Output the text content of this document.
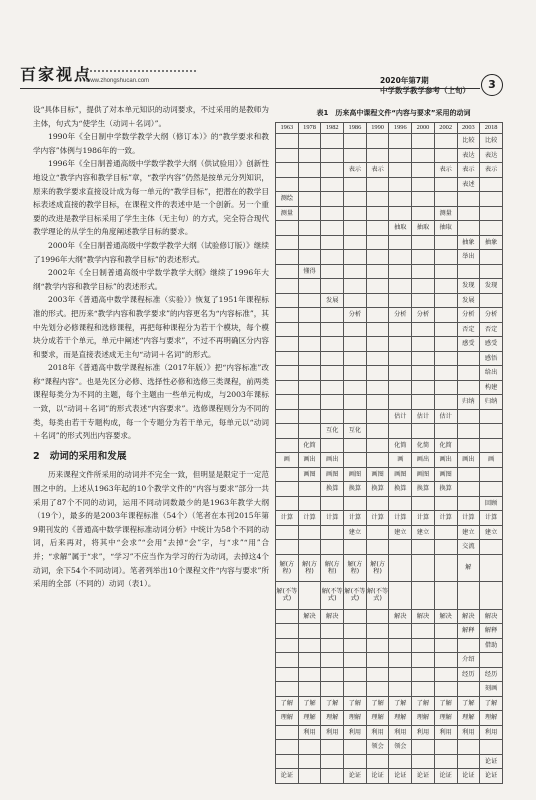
百家视点
www.zhongshucan.com	2020年第7期
中学数学教学参考（上旬）	3

设“具体目标”，提供了对本单元知识的动词要求，不过采用的是教师为主体，句式为“使学生（动词＋名词）”。

1990年《全日制中学数学教学大纲（修订本）》的“教学要求和教学内容”体例与1986年的一致。

1996年《全日制普通高级中学数学教学大纲（供试验用）》创新性地设立“教学内容和教学目标”章，“教学内容”仍然是按单元分列知识，原来的教学要求直接设计成为每一单元的“教学目标”，把潜在的教学目标表述成直接的教学目标，在课程文件的表述中是一个创新。另一个重要的改进是教学目标采用了学生主体（无主句）的方式，完全符合现代教学理论的从学生的角度阐述教学目标的要求。

2000年《全日制普通高级中学数学教学大纲（试验修订版）》继续了1996年大纲“教学内容和教学目标”的表述形式。

2002年《全日制普通高级中学数学教学大纲》继续了1996年大纲“教学内容和教学目标”的表述形式。

2003年《普通高中数学课程标准（实验）》恢复了1951年课程标准的形式。把历来“教学内容和教学要求”的内容更名为“内容标准”，其中先划分必修课程和选修课程，再把每种课程分为若干个模块，每个模块分成若干个单元，单元中阐述“内容与要求”，不过不再明确区分内容和要求，而是直接表述成无主句“动词＋名词”的形式。

2018年《普通高中数学课程标准（2017年版）》把“内容标准”改称“课程内容”。也是先区分必修、选择性必修和选修三类课程，前两类课程每类分为不同的主题，每个主题由一些单元构成，与2003年课标一致，以“动词＋名词”的形式表述“内容要求”。选修课程则分为不同的类，每类由若干专题构成，每一个专题分为若干单元，每单元以“动词＋名词”的形式列出内容要求。

2 动词的采用和发展

历来课程文件所采用的动词并不完全一致，但明显是限定于一定范围之中的。上述从1963年起的10个教学文件的“内容与要求”部分一共采用了87个不同的动词，运用不同动词数最少的是1963年教学大纲（19个），最多的是2003年课程标准（54个）（笔者在本刊2015年第9期刊发的《普通高中数学课程标准动词分析》中统计为58个不同的动词，后来再对，将其中“会求”“会用”去掉“会”字，与“求”“用”合并；“求解”属于“求”，“学习”不应当作为学习的行为动词，去掉这4个动词，余下54个不同动词）。笔者列举出10个课程文件“内容与要求”所采用的全部（不同的）动词（表1）。

表1　历来高中课程文件“内容与要求”采用的动词
1963	1978	1982	1986	1990	1996	2000	2002	2003	2018
								比较	比较
								表达	表达
			表示	表示			表示	表示	表示
								表述	
测绘									
测量							测量		
					抽取	抽取	抽取		
								抽象	抽象
								举出	
	懂得								
								发现	发现
		发展						发展	
			分析		分析	分析		分析	分析
								否定	否定
								感受	感受
									感悟
									给出
									构建
								归纳	归纳
					估计	估计	估计		
		互化	互化						
	化简				化简	化简	化简		
画	画出	画出			画	画出	画出	画出	画
	画图	画图	画图	画图	画图	画图	画图		
		换算	换算	换算	换算	换算	换算		
									回顾
计算	计算	计算	计算	计算	计算	计算	计算	计算	计算
			建立		建立	建立		建立	建立
								交流	
解(方程)	解(方程)	解(方程)	解(方程)	解(方程)				解	
解(不等式)		解(不等式)	解(不等式)	解(不等式)					
	解决	解决			解决	解决	解决	解决	解决
								解释	解释
									借助
								介绍	
								经历	经历
									刻画
了解	了解	了解	了解	了解	了解	了解	了解	了解	了解
理解	理解	理解	理解	理解	理解	理解	理解	理解	理解
	利用	利用	利用	利用	利用	利用	利用	利用	利用
				领会	领会				
									论证
论证			论证	论证	论证	论证	论证	论证	论证
